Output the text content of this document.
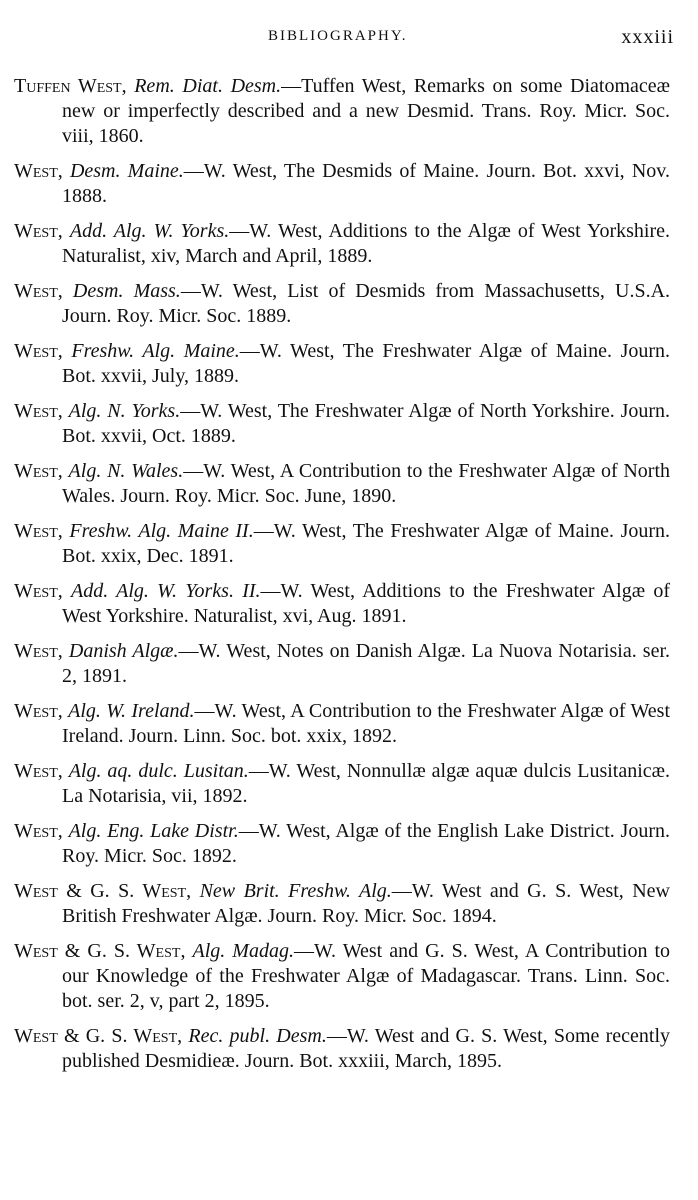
BIBLIOGRAPHY.	xxxiii

Tuffen West, Rem. Diat. Desm.—Tuffen West, Remarks on some Diatomaceæ new or imperfectly described and a new Desmid. Trans. Roy. Micr. Soc. viii, 1860.

West, Desm. Maine.—W. West, The Desmids of Maine. Journ. Bot. xxvi, Nov. 1888.

West, Add. Alg. W. Yorks.—W. West, Additions to the Algæ of West Yorkshire. Naturalist, xiv, March and April, 1889.

West, Desm. Mass.—W. West, List of Desmids from Massachusetts, U.S.A. Journ. Roy. Micr. Soc. 1889.

West, Freshw. Alg. Maine.—W. West, The Freshwater Algæ of Maine. Journ. Bot. xxvii, July, 1889.

West, Alg. N. Yorks.—W. West, The Freshwater Algæ of North Yorkshire. Journ. Bot. xxvii, Oct. 1889.

West, Alg. N. Wales.—W. West, A Contribution to the Freshwater Algæ of North Wales. Journ. Roy. Micr. Soc. June, 1890.

West, Freshw. Alg. Maine II.—W. West, The Freshwater Algæ of Maine. Journ. Bot. xxix, Dec. 1891.

West, Add. Alg. W. Yorks. II.—W. West, Additions to the Freshwater Algæ of West Yorkshire. Naturalist, xvi, Aug. 1891.

West, Danish Algæ.—W. West, Notes on Danish Algæ. La Nuova Notarisia. ser. 2, 1891.

West, Alg. W. Ireland.—W. West, A Contribution to the Freshwater Algæ of West Ireland. Journ. Linn. Soc. bot. xxix, 1892.

West, Alg. aq. dulc. Lusitan.—W. West, Nonnullæ algæ aquæ dulcis Lusitanicæ. La Notarisia, vii, 1892.

West, Alg. Eng. Lake Distr.—W. West, Algæ of the English Lake District. Journ. Roy. Micr. Soc. 1892.

West & G. S. West, New Brit. Freshw. Alg.—W. West and G. S. West, New British Freshwater Algæ. Journ. Roy. Micr. Soc. 1894.

West & G. S. West, Alg. Madag.—W. West and G. S. West, A Contribution to our Knowledge of the Freshwater Algæ of Madagascar. Trans. Linn. Soc. bot. ser. 2, v, part 2, 1895.

West & G. S. West, Rec. publ. Desm.—W. West and G. S. West, Some recently published Desmidieæ. Journ. Bot. xxxiii, March, 1895.
